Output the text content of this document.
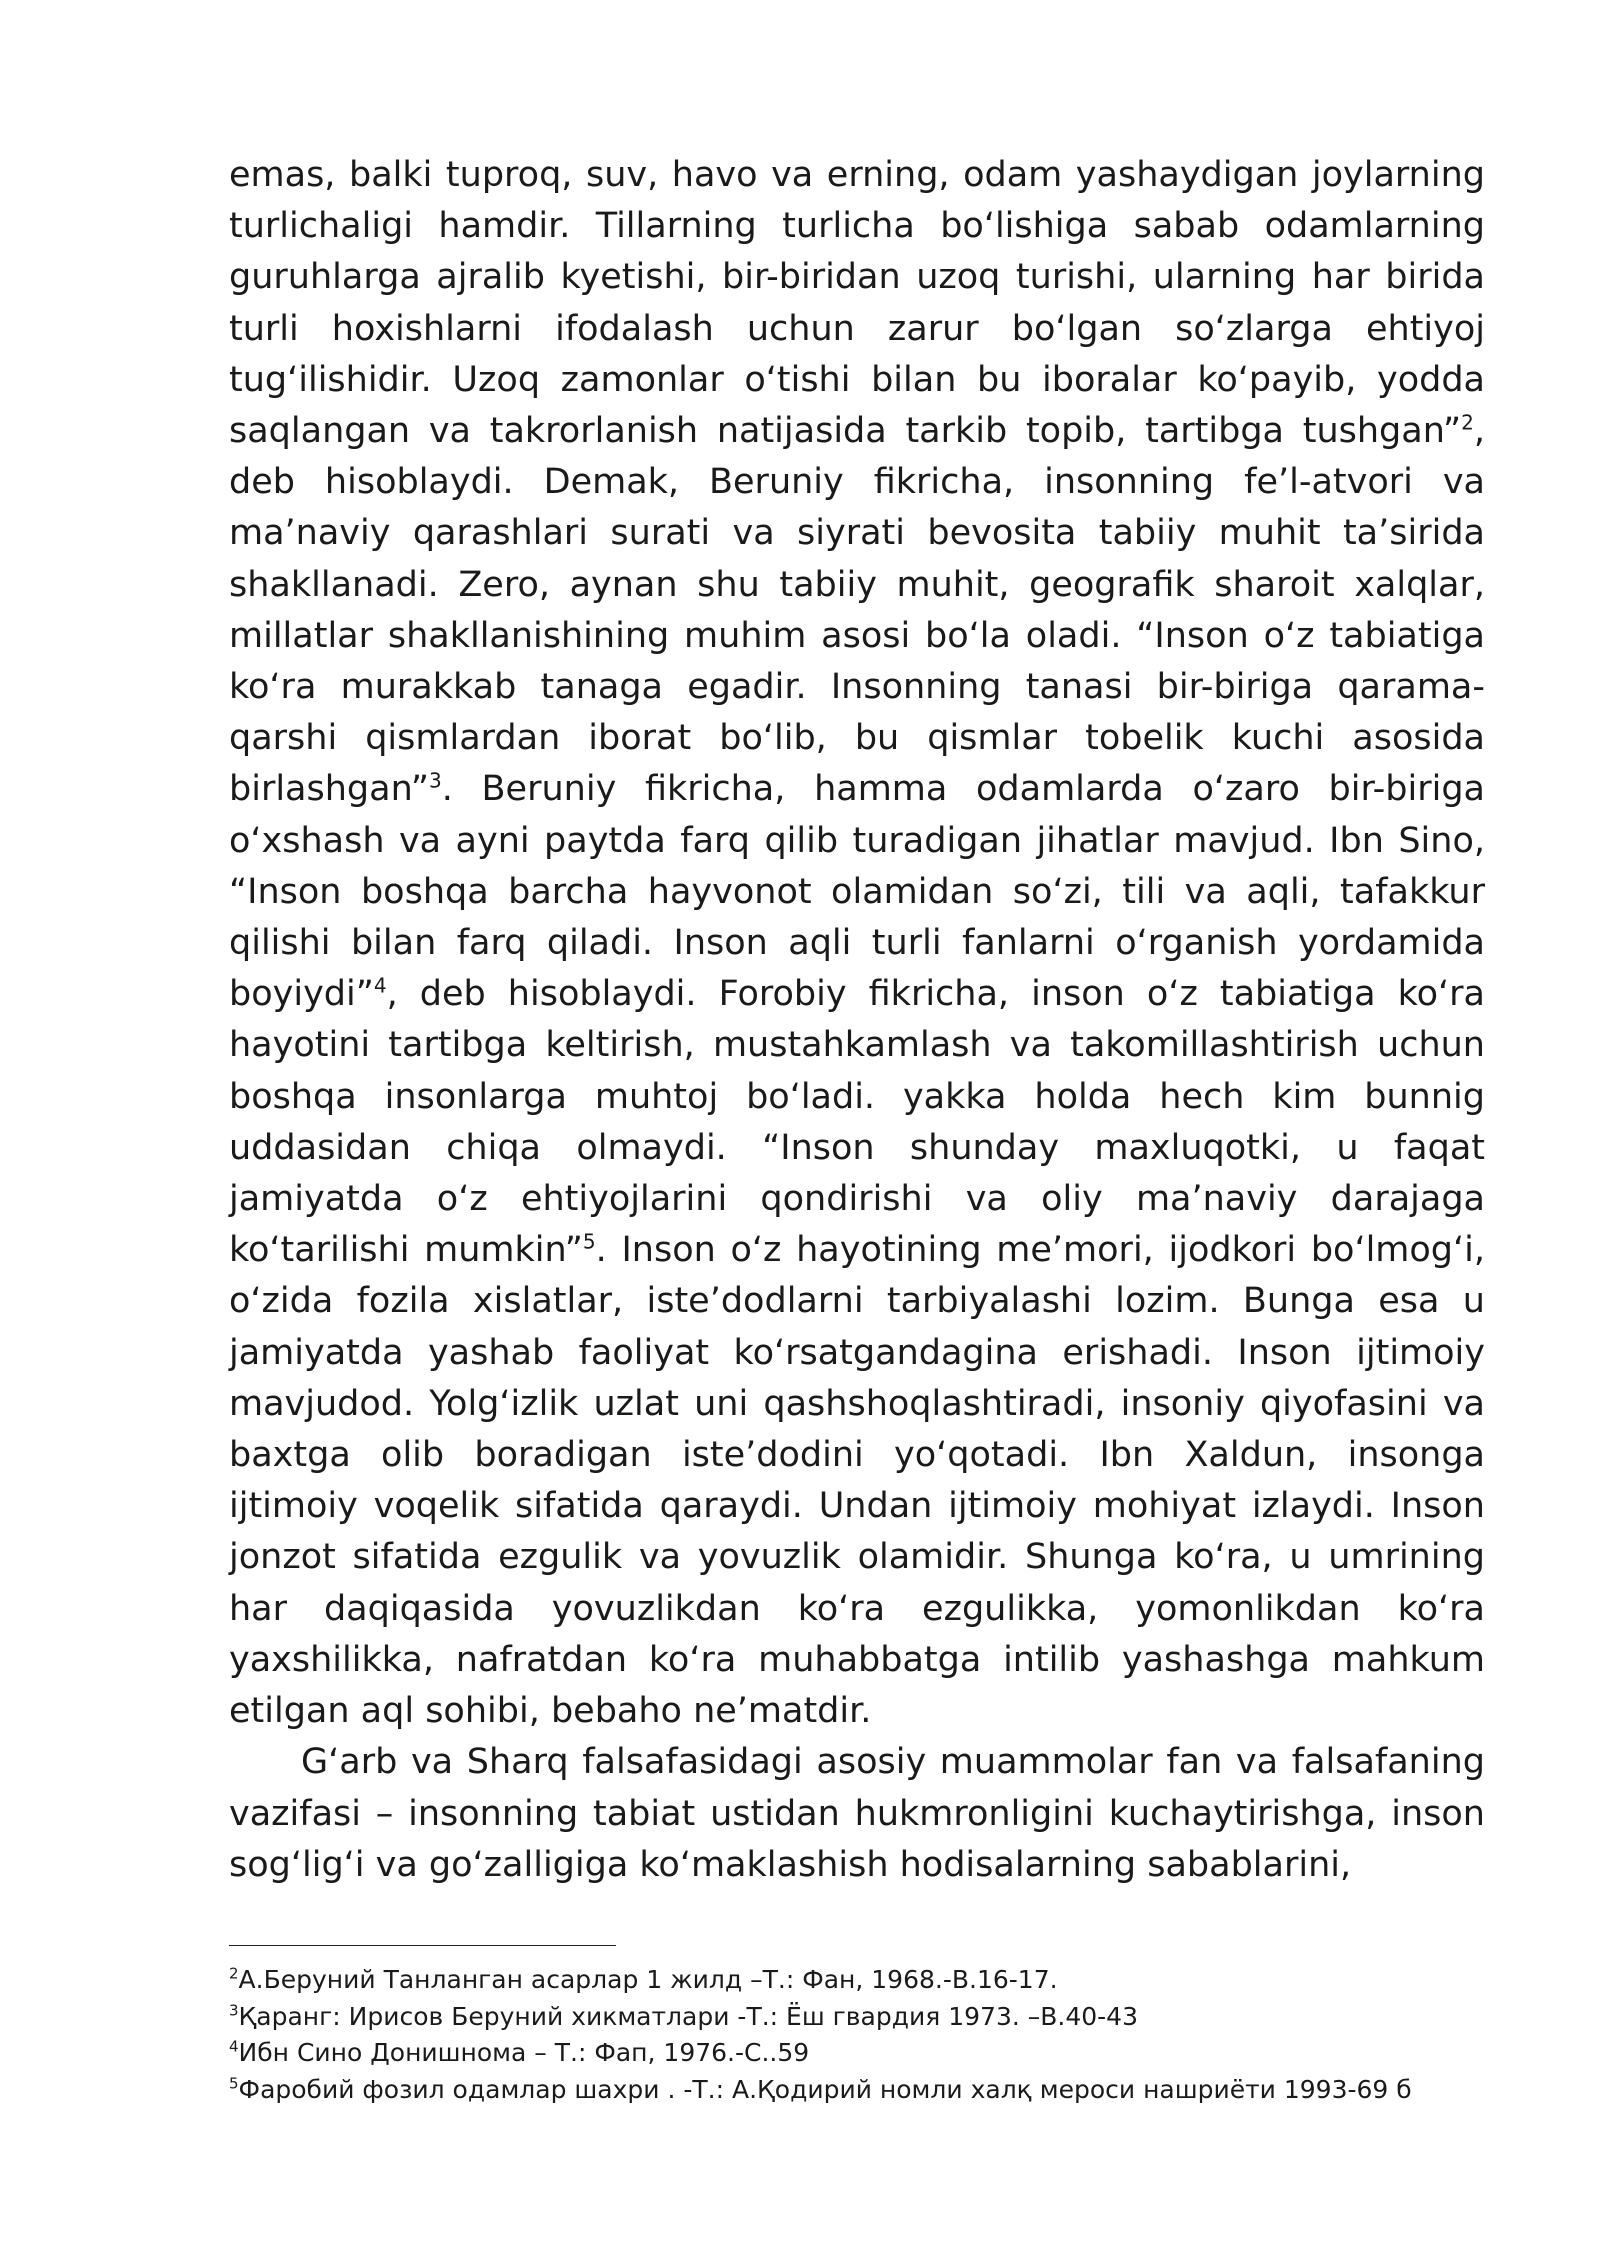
emas, balki tuproq, suv, havo va erning, odam yashaydigan joylarning turlichaligi hamdir. Tillarning turlicha boʻlishiga sabab odamlarning guruhlarga ajralib kyetishi, bir-biridan uzoq turishi, ularning har birida turli hoxishlarni ifodalash uchun zarur boʻlgan soʻzlarga ehtiyoj tugʻilishidir. Uzoq zamonlar oʻtishi bilan bu iboralar koʻpayib, yodda saqlangan va takrorlanish natijasida tarkib topib, tartibga tushgan”$^2$, deb hisoblaydi. Demak, Beruniy fikricha, insonning fe’l-atvori va ma’naviy qarashlari surati va siyrati bevosita tabiiy muhit ta’sirida shakllanadi. Zero, aynan shu tabiiy muhit, geografik sharoit xalqlar, millatlar shakllanishining muhim asosi boʻla oladi. “Inson oʻz tabiatiga koʻra murakkab tanaga egadir. Insonning tanasi bir-biriga qarama-qarshi qismlardan iborat boʻlib, bu qismlar tobelik kuchi asosida birlashgan”$^3$. Beruniy fikricha, hamma odamlarda oʻzaro bir-biriga oʻxshash va ayni paytda farq qilib turadigan jihatlar mavjud. Ibn Sino, “Inson boshqa barcha hayvonot olamidan soʻzi, tili va aqli, tafakkur qilishi bilan farq qiladi. Inson aqli turli fanlarni oʻrganish yordamida boyiydi”$^4$, deb hisoblaydi. Forobiy fikricha, inson oʻz tabiatiga koʻra hayotini tartibga keltirish, mustahkamlash va takomillashtirish uchun boshqa insonlarga muhtoj boʻladi. yakka holda hech kim bunnig uddasidan chiqa olmaydi. “Inson shunday maxluqotki, u faqat jamiyatda oʻz ehtiyojlarini qondirishi va oliy ma’naviy darajaga koʻtarilishi mumkin”$^5$. Inson oʻz hayotining me’mori, ijodkori boʻlmogʻi, oʻzida fozila xislatlar, iste’dodlarni tarbiyalashi lozim. Bunga esa u jamiyatda yashab faoliyat koʻrsatgandagina erishadi. Inson ijtimoiy mavjudod. Yolgʻizlik uzlat uni qashshoqlashtiradi, insoniy qiyofasini va baxtga olib boradigan iste’dodini yoʻqotadi. Ibn Xaldun, insonga ijtimoiy voqelik sifatida qaraydi. Undan ijtimoiy mohiyat izlaydi. Inson jonzot sifatida ezgulik va yovuzlik olamidir. Shunga koʻra, u umrining har daqiqasida yovuzlikdan koʻra ezgulikka, yomonlikdan koʻra yaxshilikka, nafratdan koʻra muhabbatga intilib yashashga mahkum etilgan aql sohibi, bebaho ne’matdir.

Gʻarb va Sharq falsafasidagi asosiy muammolar fan va falsafaning vazifasi – insonning tabiat ustidan hukmronligini kuchaytirishga, inson sogʻligʻi va goʻzalligiga koʻmaklashish hodisalarning sabablarini,

$^2$А.Беруний Танланган асарлар 1 жилд –Т.: Фан, 1968.-В.16-17.
$^3$Қаранг: Ирисов Беруний хикматлари -Т.: Ёш гвардия 1973. –В.40-43
$^4$Ибн Сино Донишнома – Т.: Фап, 1976.-С..59
$^5$Фаробий фозил одамлар шахри . -Т.: А.Қодирий номли халқ мероси нашриёти 1993-69 б
